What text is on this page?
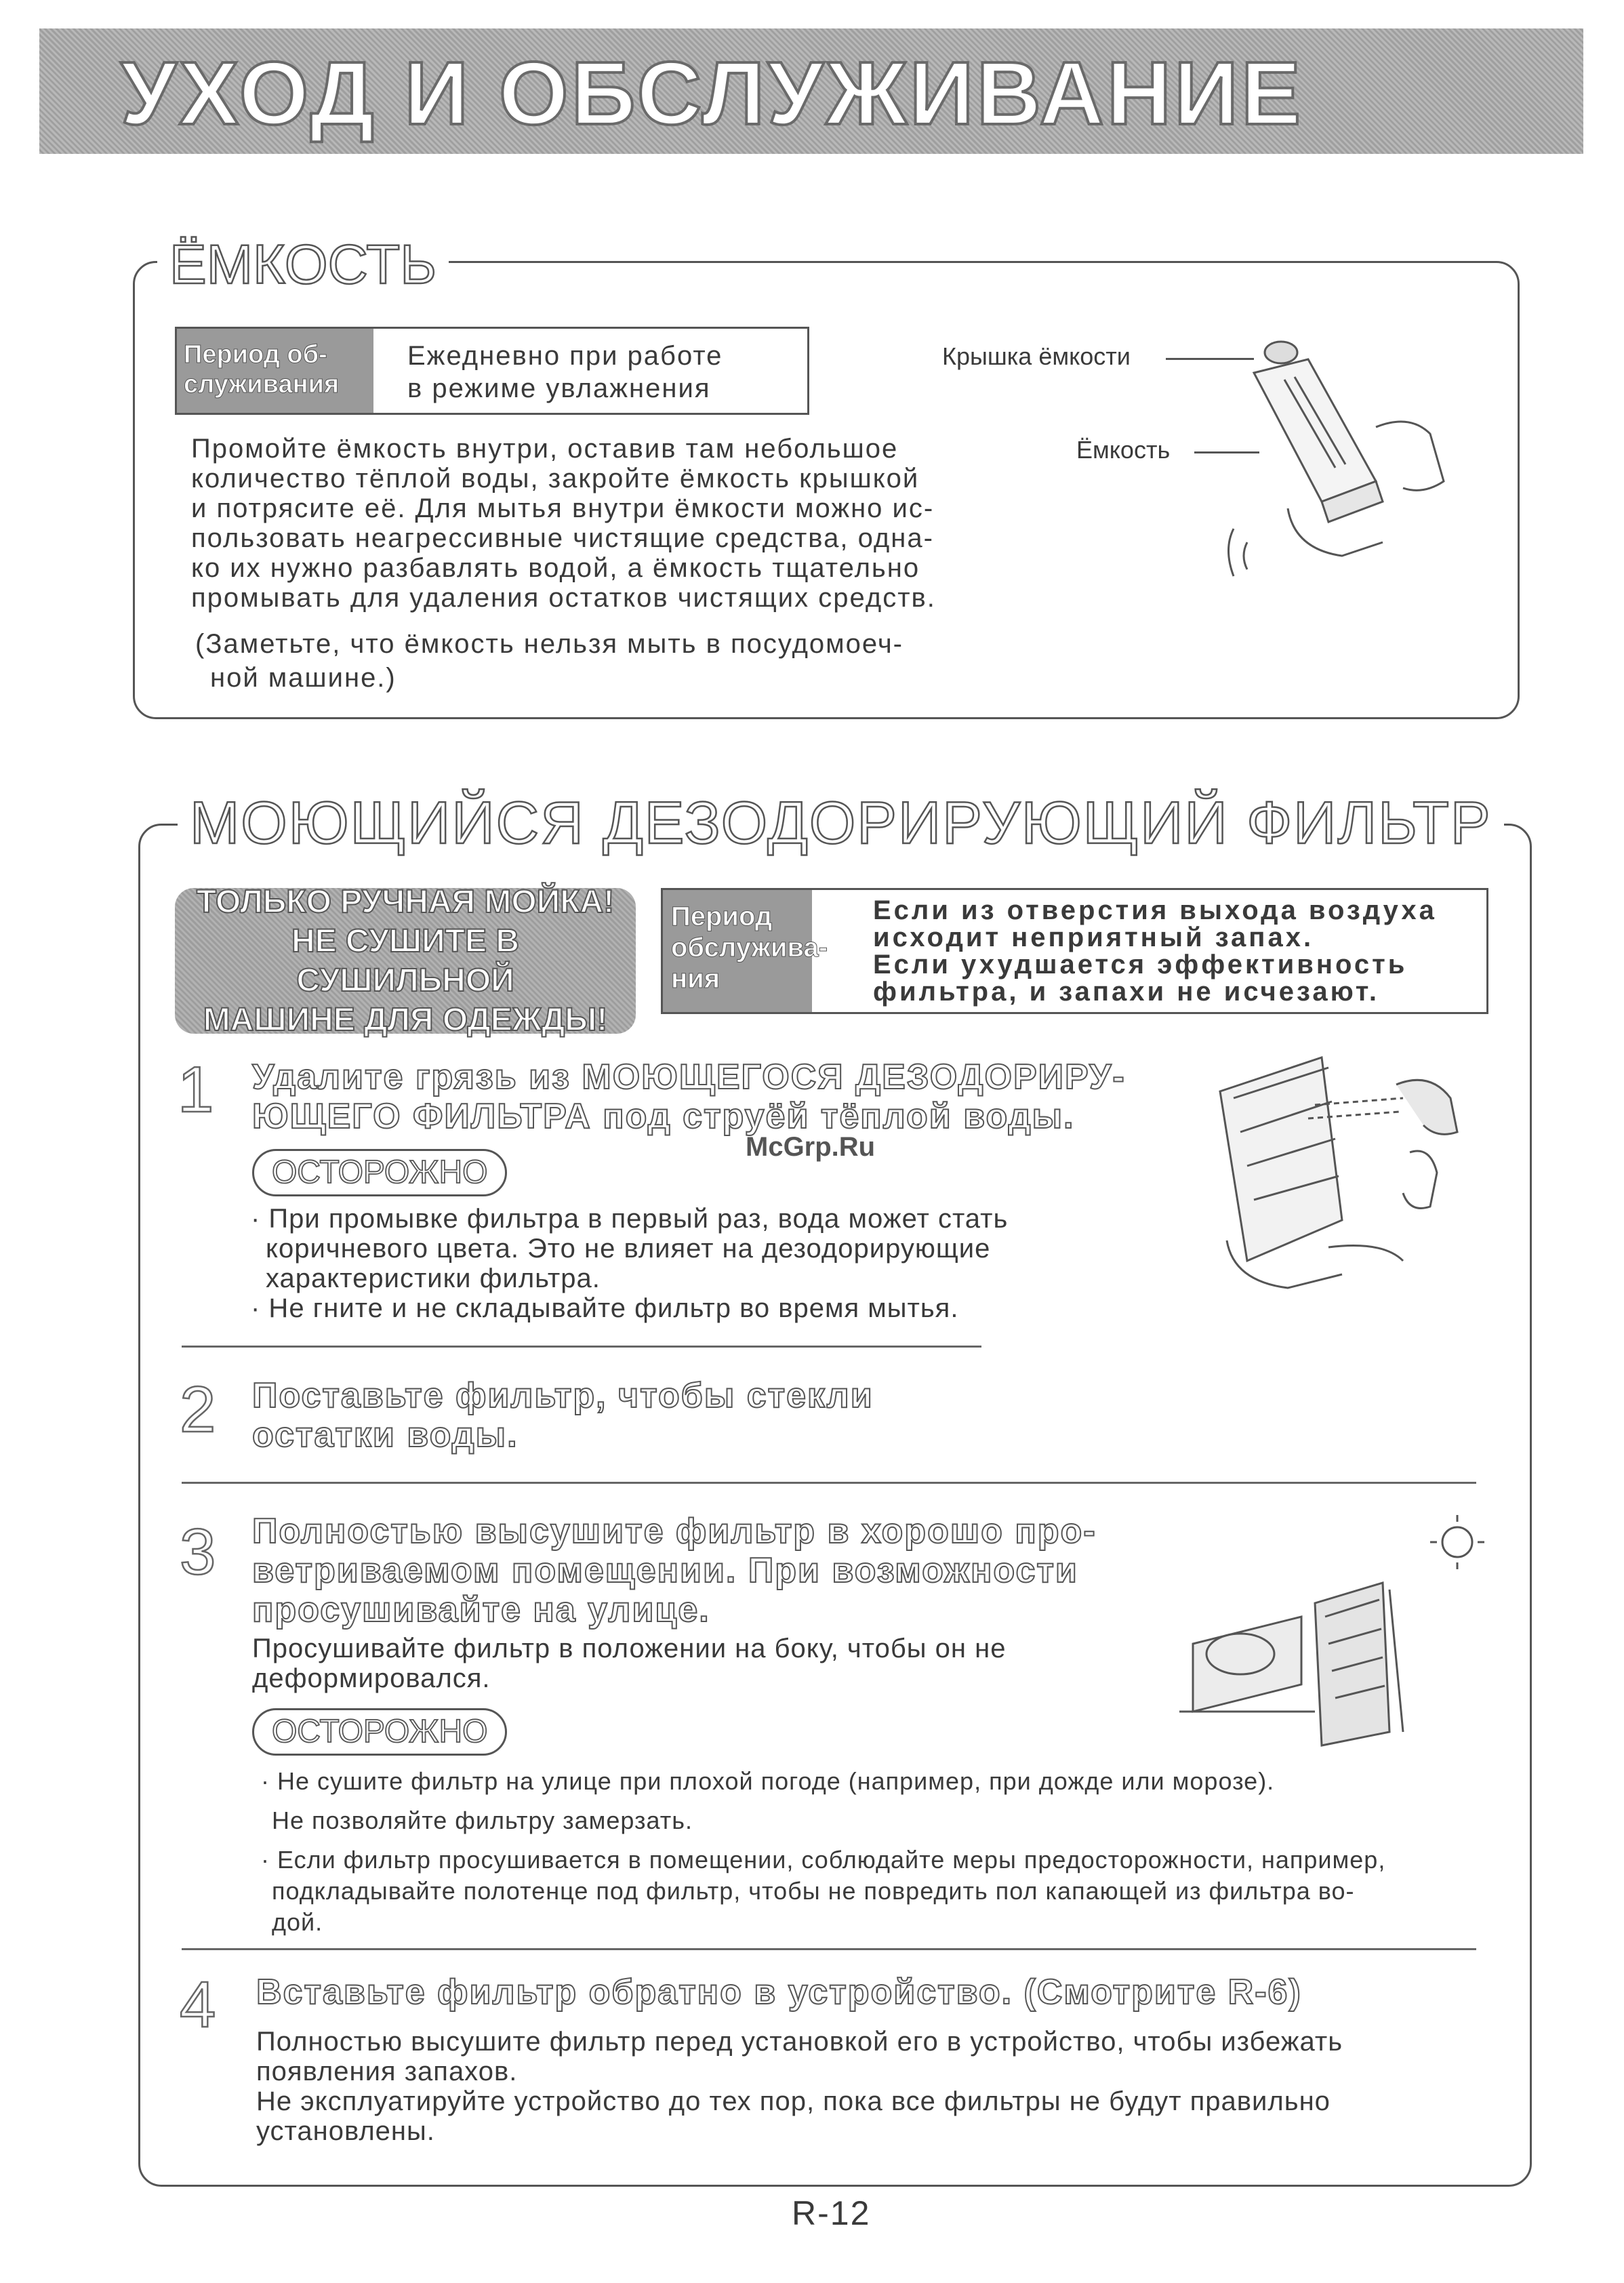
УХОД И ОБСЛУЖИВАНИЕ
ЁМКОСТЬ
Период об-
служивания
Ежедневно при работе
в режиме увлажнения
Промойте ёмкость внутри, оставив там небольшое
количество тёплой воды, закройте ёмкость крышкой
и потрясите её. Для мытья внутри ёмкости можно ис-
пользовать неагрессивные чистящие средства, одна-
ко их нужно разбавлять водой, а ёмкость тщательно
промывать для удаления остатков чистящих средств.
(Заметьте, что ёмкость нельзя мыть в посудомоеч-
ной машине.)
Крышка ёмкости
Ёмкость
МОЮЩИЙСЯ ДЕЗОДОРИРУЮЩИЙ ФИЛЬТР
ТОЛЬКО РУЧНАЯ МОЙКА!
НЕ СУШИТЕ В СУШИЛЬНОЙ
МАШИНЕ ДЛЯ ОДЕЖДЫ!
Период
обслужива-
ния
Если из отверстия выхода воздуха
исходит неприятный запах.
Если ухудшается эффективность
фильтра, и запахи не исчезают.
1 Удалите грязь из МОЮЩЕГОСЯ ДЕЗОДОРИРУ-
ЮЩЕГО ФИЛЬТРА под струёй тёплой воды.
McGrp.Ru
ОСТОРОЖНО
· При промывке фильтра в первый раз, вода может стать
коричневого цвета. Это не влияет на дезодорирующие
характеристики фильтра.
· Не гните и не складывайте фильтр во время мытья.
2 Поставьте фильтр, чтобы стекли
остатки воды.
3 Полностью высушите фильтр в хорошо про-
ветриваемом помещении. При возможности
просушивайте на улице.
Просушивайте фильтр в положении на боку, чтобы он не
деформировался.
ОСТОРОЖНО
· Не сушите фильтр на улице при плохой погоде (например, при дожде или морозе).
Не позволяйте фильтру замерзать.
· Если фильтр просушивается в помещении, соблюдайте меры предосторожности, например,
подкладывайте полотенце под фильтр, чтобы не повредить пол капающей из фильтра во-
дой.
4 Вставьте фильтр обратно в устройство. (Смотрите R-6)
Полностью высушите фильтр перед установкой его в устройство, чтобы избежать
появления запахов.
Не эксплуатируйте устройство до тех пор, пока все фильтры не будут правильно
установлены.
R-12
